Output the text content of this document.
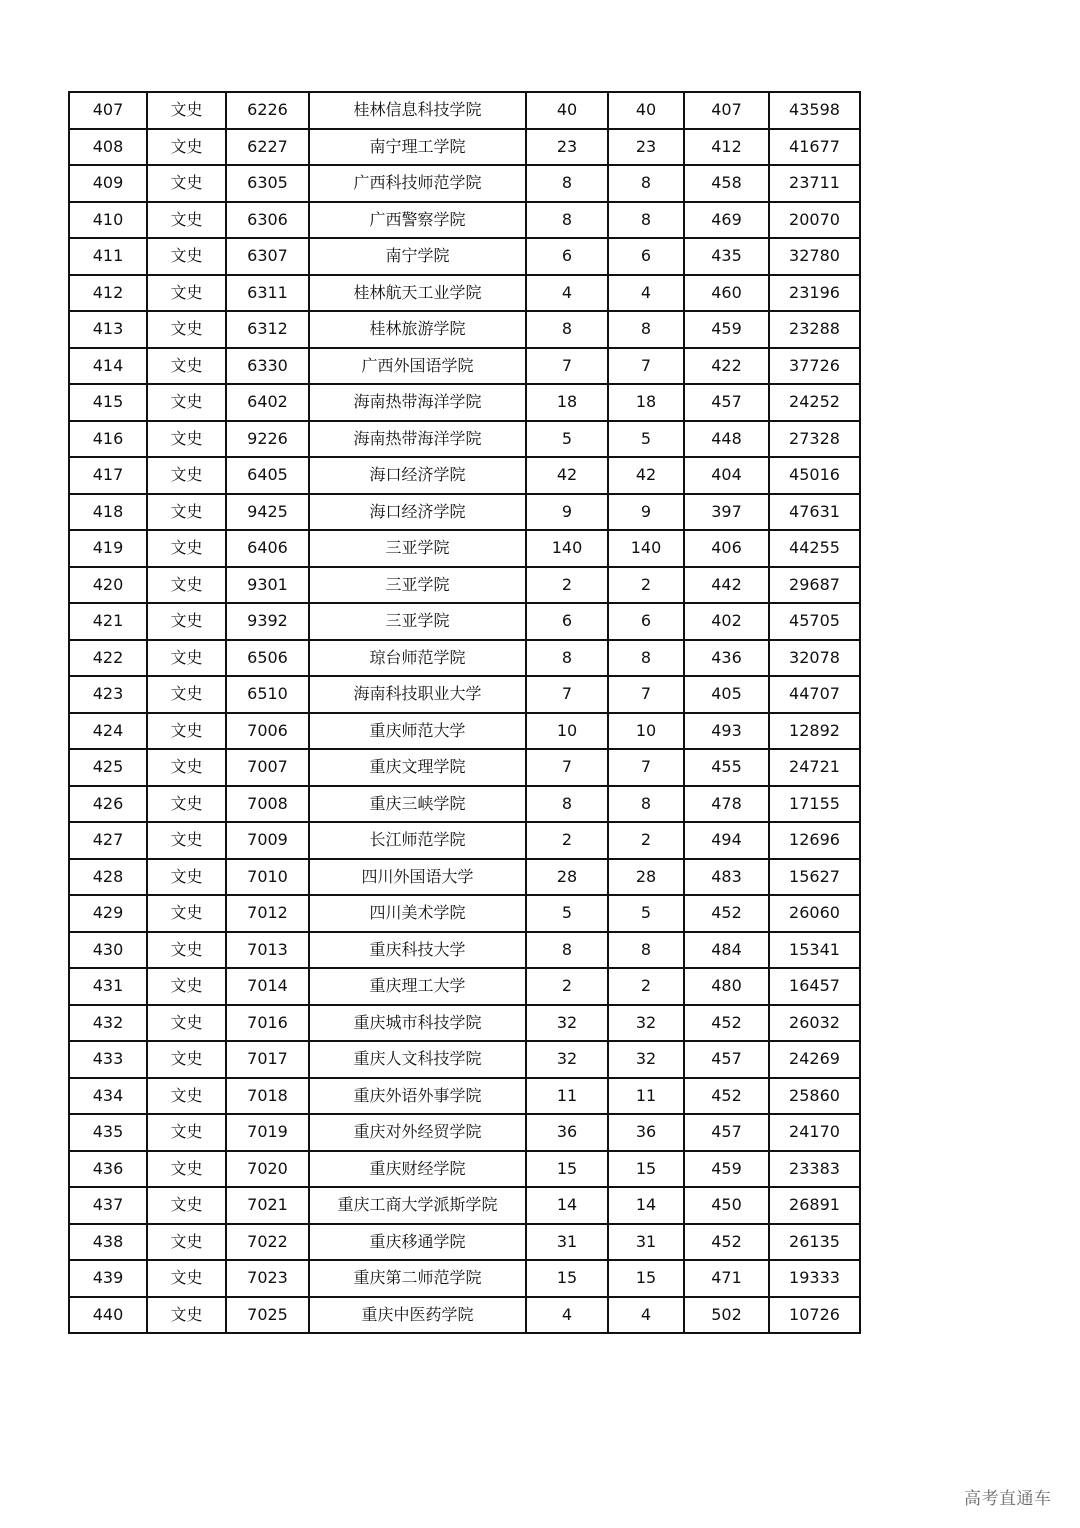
407	文史	6226	桂林信息科技学院	40	40	407	43598
408	文史	6227	南宁理工学院	23	23	412	41677
409	文史	6305	广西科技师范学院	8	8	458	23711
410	文史	6306	广西警察学院	8	8	469	20070
411	文史	6307	南宁学院	6	6	435	32780
412	文史	6311	桂林航天工业学院	4	4	460	23196
413	文史	6312	桂林旅游学院	8	8	459	23288
414	文史	6330	广西外国语学院	7	7	422	37726
415	文史	6402	海南热带海洋学院	18	18	457	24252
416	文史	9226	海南热带海洋学院	5	5	448	27328
417	文史	6405	海口经济学院	42	42	404	45016
418	文史	9425	海口经济学院	9	9	397	47631
419	文史	6406	三亚学院	140	140	406	44255
420	文史	9301	三亚学院	2	2	442	29687
421	文史	9392	三亚学院	6	6	402	45705
422	文史	6506	琼台师范学院	8	8	436	32078
423	文史	6510	海南科技职业大学	7	7	405	44707
424	文史	7006	重庆师范大学	10	10	493	12892
425	文史	7007	重庆文理学院	7	7	455	24721
426	文史	7008	重庆三峡学院	8	8	478	17155
427	文史	7009	长江师范学院	2	2	494	12696
428	文史	7010	四川外国语大学	28	28	483	15627
429	文史	7012	四川美术学院	5	5	452	26060
430	文史	7013	重庆科技大学	8	8	484	15341
431	文史	7014	重庆理工大学	2	2	480	16457
432	文史	7016	重庆城市科技学院	32	32	452	26032
433	文史	7017	重庆人文科技学院	32	32	457	24269
434	文史	7018	重庆外语外事学院	11	11	452	25860
435	文史	7019	重庆对外经贸学院	36	36	457	24170
436	文史	7020	重庆财经学院	15	15	459	23383
437	文史	7021	重庆工商大学派斯学院	14	14	450	26891
438	文史	7022	重庆移通学院	31	31	452	26135
439	文史	7023	重庆第二师范学院	15	15	471	19333
440	文史	7025	重庆中医药学院	4	4	502	10726
高考直通车
